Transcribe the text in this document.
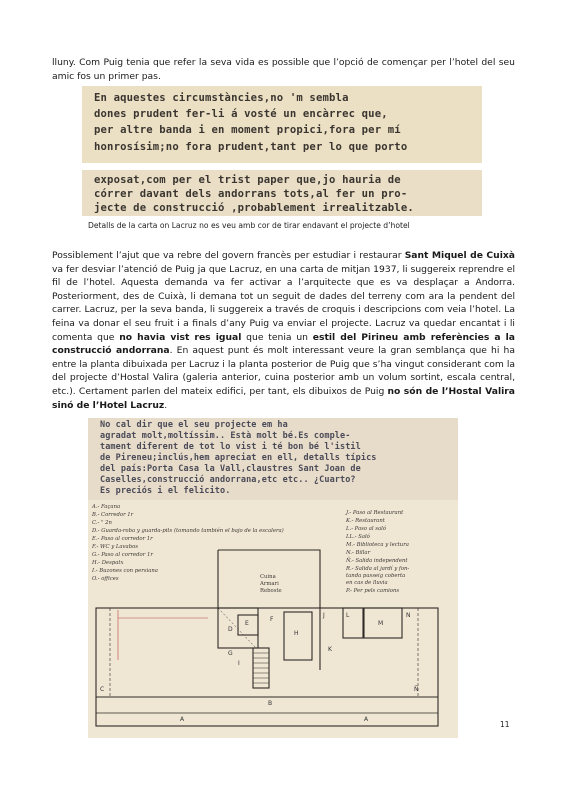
lluny. Com Puig tenia que refer la seva vida es possible que l’opció de començar per l’hotel del seu amic fos un primer pas.

En aquestes circumstàncies,no 'm sembla
dones prudent fer-li á vosté un encàrrec que,
per altre banda i en moment propici,fora per mí
honrosísim;no fora prudent,tant per lo que porto
exposat,com per el trist paper que,jo hauria de
córrer davant dels andorrans tots,al fer un pro-
jecte de construcció ,probablement irrealitzable.

Detalls de la carta on Lacruz no es veu amb cor de tirar endavant el projecte d’hotel

Possiblement l’ajut que va rebre del govern francès per estudiar i restaurar Sant Miquel de Cuixà va fer desviar l’atenció de Puig ja que Lacruz, en una carta de mitjan 1937, li suggereix reprendre el fil de l’hotel. Aquesta demanda va fer activar a l’arquitecte que es va desplaçar a Andorra. Posteriorment, des de Cuixà, li demana tot un seguit de dades del terreny com ara la pendent del carrer. Lacruz, per la seva banda, li suggereix a través de croquis i descripcions com veia l’hotel. La feina va donar el seu fruit i a finals d’any Puig va enviar el projecte. Lacruz va quedar encantat i li comenta que no havia vist res igual que tenia un estil del Pirineu amb referències a la construcció andorrana. En aquest punt és molt interessant veure la gran semblança que hi ha entre la planta dibuixada per Lacruz i la planta posterior de Puig que s’ha vingut considerant com la del projecte d’Hostal Valira (galeria anterior, cuina posterior amb un volum sortint, escala central, etc.). Certament parlen del mateix edifici, per tant, els dibuixos de Puig no són de l’Hostal Valira sinó de l’Hotel Lacruz.

No cal dir que el seu projecte em ha
agradat molt,moltíssim.. Està molt bé.Es comple-
tament diferent de tot lo vist i té bon bé l'istil
de Pireneu;inclús,hem apreciat en ell, detalls típics
del país:Porta Casa la Vall,claustres Sant Joan de
Caselles,construcció andorrana,etc etc.. ¿Cuarto?
Es preciós i el felicito.
A.- Façana
B.- Corredor 1r
C.- " 2n
D.- Guarda-roba y guarda-pits (tomando también el bajo de la escalera)
E.- Paso al corredor 1r
F.- WC y Lavabos
G.- Paso al corredor 1r
H.- Despatx
I.- Buzones con persiana
O.- offices
J.- Paso al Restaurant
K.- Restaurant
L.- Paso al saló
LL.- Saló
M.- Biblioteca y lectura
N.- Billar
Ñ.- Salida independent
R.- Salida al jardí y fon-
tanda passeig coberta
en cas de lluvia
P.- Per pels camions
Cuina
Armari
Reboste
D
E
F
G
H
I
J
K
L
M
N
Ñ
C
B
A	A
11
